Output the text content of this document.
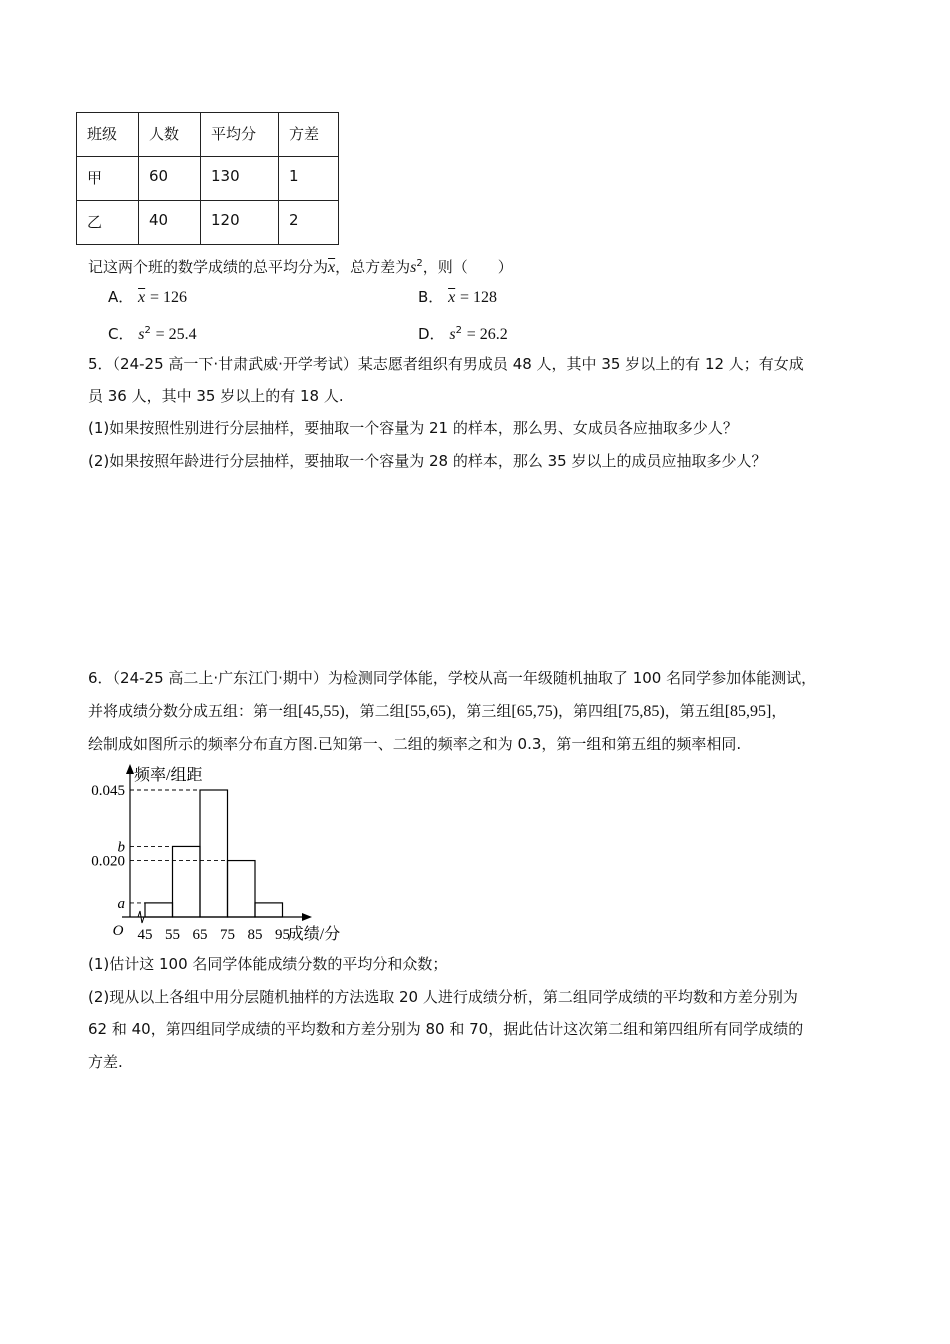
班级	人数	平均分	方差
甲	60	130	1
乙	40	120	2
记这两个班的数学成绩的总平均分为$\overline{x}$，总方差为$s^2$，则（　　）
A． $\overline{x} = 126$	B． $\overline{x} = 128$
C． $s^2 = 25.4$	D． $s^2 = 26.2$
5．（24-25 高一下·甘肃武威·开学考试）某志愿者组织有男成员 48 人，其中 35 岁以上的有 12 人；有女成
员 36 人，其中 35 岁以上的有 18 人.
(1)如果按照性别进行分层抽样，要抽取一个容量为 21 的样本，那么男、女成员各应抽取多少人？
(2)如果按照年龄进行分层抽样，要抽取一个容量为 28 的样本，那么 35 岁以上的成员应抽取多少人？
6．（24-25 高二上·广东江门·期中）为检测同学体能，学校从高一年级随机抽取了 100 名同学参加体能测试，
并将成绩分数分成五组：第一组[45,55)，第二组[55,65)，第三组[65,75)，第四组[75,85)，第五组[85,95]，
绘制成如图所示的频率分布直方图.已知第一、二组的频率之和为 0.3，第一组和第五组的频率相同.
0.045
b
0.020
a
45 55 65 75 85 95
O
频率/组距
成绩/分
(1)估计这 100 名同学体能成绩分数的平均分和众数；
(2)现从以上各组中用分层随机抽样的方法选取 20 人进行成绩分析，第二组同学成绩的平均数和方差分别为
62 和 40，第四组同学成绩的平均数和方差分别为 80 和 70，据此估计这次第二组和第四组所有同学成绩的
方差.
